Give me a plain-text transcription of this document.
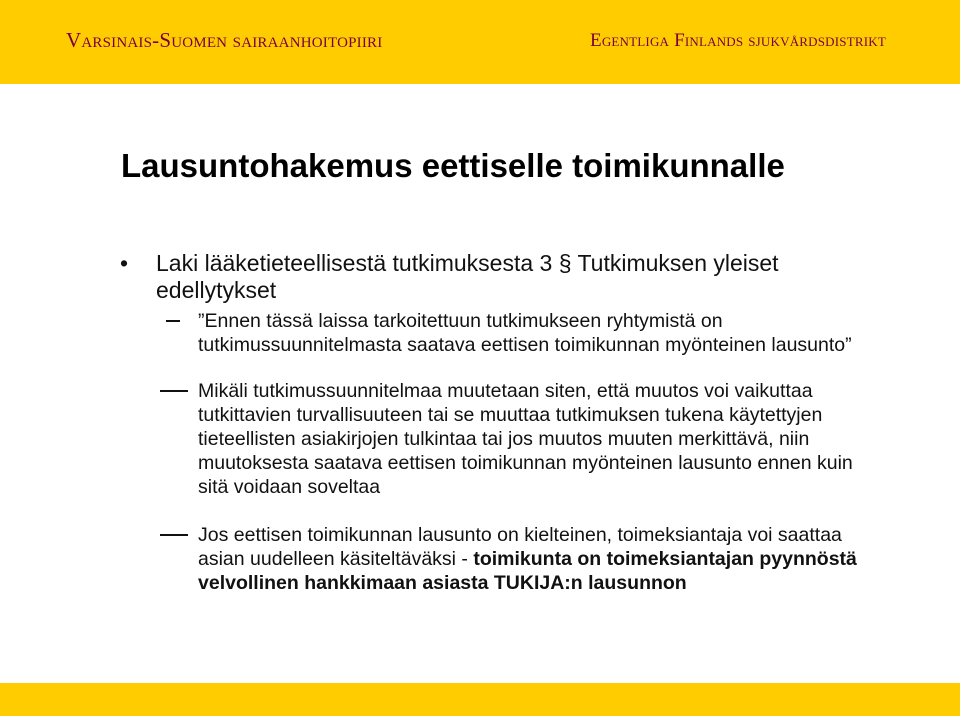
Varsinais-Suomen sairaanhoitopiiri	Egentliga Finlands sjukvårdsdistrikt
Lausuntohakemus eettiselle toimikunnalle
• Laki lääketieteellisestä tutkimuksesta 3 § Tutkimuksen yleiset edellytykset
”Ennen tässä laissa tarkoitettuun tutkimukseen ryhtymistä on tutkimussuunnitelmasta saatava eettisen toimikunnan myönteinen lausunto”
Mikäli tutkimussuunnitelmaa muutetaan siten, että muutos voi vaikuttaa tutkittavien turvallisuuteen tai se muuttaa tutkimuksen tukena käytettyjen tieteellisten asiakirjojen tulkintaa tai jos muutos muuten merkittävä, niin muutoksesta saatava eettisen toimikunnan myönteinen lausunto ennen kuin sitä voidaan soveltaa
Jos eettisen toimikunnan lausunto on kielteinen, toimeksiantaja voi saattaa asian uudelleen käsiteltäväksi - toimikunta on toimeksiantajan pyynnöstä velvollinen hankkimaan asiasta TUKIJA:n lausunnon
